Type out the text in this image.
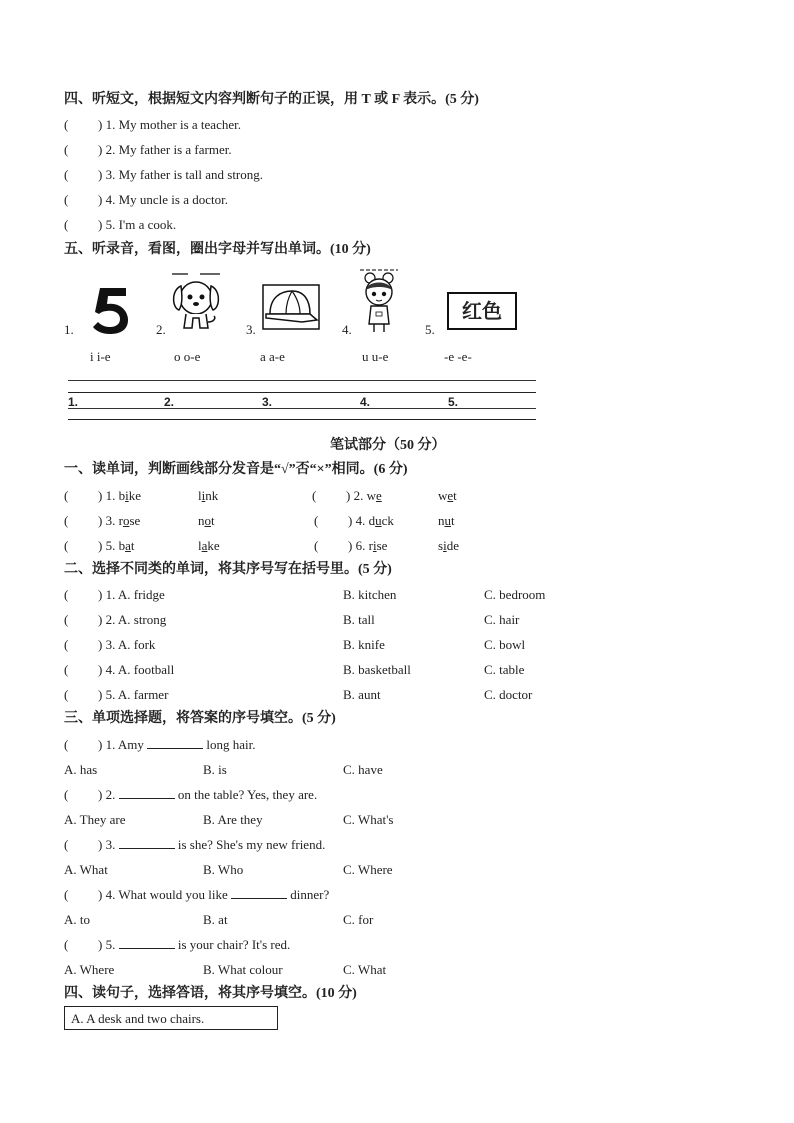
四、听短文，根据短文内容判断句子的正误，用 T 或 F 表示。(5 分)
( ) 1. My mother is a teacher.
( ) 2. My father is a farmer.
( ) 3. My father is tall and strong.
( ) 4. My uncle is a doctor.
( ) 5. I'm a cook.
五、听录音，看图，圈出字母并写出单词。(10 分)
1.	2.	3.	4.	5.
红色
i i-e	o o-e	a a-e	u u-e	-e -e-
1.	2.	3.	4.	5.
笔试部分（50 分）
一、读单词，判断画线部分发音是“√”否“×”相同。(6 分)
( ) 1. bike	link	( ) 2. we	wet
( ) 3. rose	not	( ) 4. duck	nut
( ) 5. bat	lake	( ) 6. rise	side
二、选择不同类的单词，将其序号写在括号里。(5 分)
( ) 1. A. fridge	B. kitchen	C. bedroom
( ) 2. A. strong	B. tall	C. hair
( ) 3. A. fork	B. knife	C. bowl
( ) 4. A. football	B. basketball	C. table
( ) 5. A. farmer	B. aunt	C. doctor
三、单项选择题，将答案的序号填空。(5 分)
( ) 1. Amy	long hair.
A. has	B. is	C. have
( ) 2.	on the table? Yes, they are.
A. They are	B. Are they	C. What's
( ) 3.	is she? She's my new friend.
A. What	B. Who	C. Where
( ) 4. What would you like	dinner?
A. to	B. at	C. for
( ) 5.	is your chair? It's red.
A. Where	B. What colour	C. What
四、读句子，选择答语，将其序号填空。(10 分)
A. A desk and two chairs.
